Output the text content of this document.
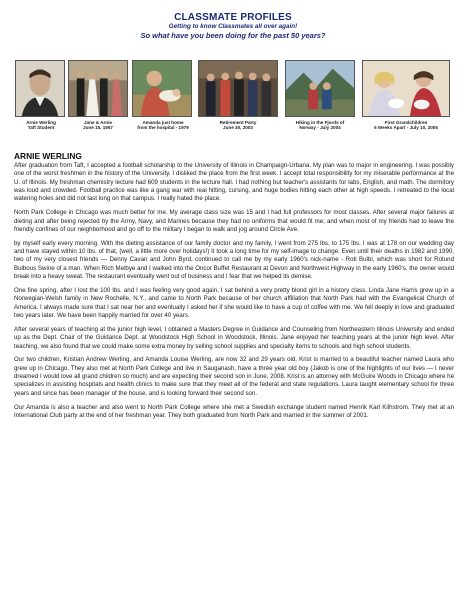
CLASSMATE PROFILES
Getting to know Classmates all over again!
So what have you been doing for the past 50 years?
Arnie Werling
Taft Student
Jane & Arnie
June 15, 1957
Amanda just home
from the hospital - 1979
Retirement Party
June 30, 2003
Hiking in the Fjords of
Norway - July 2004
First Grandchildren
6 Weeks Apart - July 10, 2005
ARNIE WERLING

After graduation from Taft, I accepted a football scholarship to the University of Illinois in Champaign-Urbana. My plan was to major in engineering. I was possibly one of the worst freshmen in the history of the University. I disliked the place from the first week. I accept total responsibility for my miserable performance at the U. of Illinois. My freshman chemistry lecture had 609 students in the lecture hall. I had nothing but teacher's assistants for labs, English, and math. The dormitory was loud and crowded. Football practice was like a gang war with real hitting, cursing, and huge bodies hitting each other at high speeds. I retreated to the local watering holes and did not last long on that campus. I really hated the place.

North Park College in Chicago was much better for me. My average class size was 15 and I had full professors for most classes. After several major failures at dieting and after being rejected by the Army, Navy, and Marines because they had no uniforms that would fit me; and when most of my friends had to leave the friendly confines of our neighborhood and go off to the military I began to walk and jog around Circle Ave.

by myself early every morning. With the dieting assistance of our family doctor and my family, I went from 275 lbs. to 175 lbs. I was at 178 on our wedding day and have stayed within 10 lbs. of that, (well, a little more over holidays!) It took a long time for my self-image to change. Even until their deaths in 1982 and 1990, two of my very closest friends — Denny Cavan and John Byrd, continued to call me by my early 1960's nick-name - Roti Bulbi, which was short for Rotund Bulbous Swine of a man. When Rich Melbye and I walked into the Oncor Buffet Restaurant at Devon and Northwest Highway in the early 1960's, the owner would break into a heavy sweat. The restaurant eventually went out of business and I fear that we helped its demise.

One fine spring, after I lost the 100 lbs. and I was feeling very good again, I sat behind a very pretty blond girl in a history class. Linda Jane Harris grew up in a Norwegian-Welsh family in New Rochelle, N.Y., and came to North Park because of her church affiliation that North Park had with the Evangelical Church of America. I always made sure that I sat near her and eventually I asked her if she would like to have a cup of coffee with me. We fell deeply in love and graduated two years later. We have been happily married for over 40 years.

After several years of teaching at the junior high level, I obtained a Masters Degree in Guidance and Counseling from Northeastern Illinois University and ended up as the Dept. Chair of the Guidance Dept. at Woodstock High School in Woodstock, Illinois. Jane enjoyed her teaching years at the junior high level. After teaching, we also found that we could make some extra money by selling school supplies and specialty items to schools and high school students.

Our two children, Kristian Andrew Werling, and Amanda Louise Werling, are now 32 and 29 years old. Krist is married to a beautiful teacher named Laura who grew up in Chicago. They also met at North Park College and live in Sauganash, have a three year old boy (Jakob is one of the highlights of our lives — I never dreamed I would love all grand children so much) and are expecting their second son in June, 2008. Krist is an attorney with McGuire Woods in Chicago where he specializes in assisting hospitals and health clinics to make sure that they meet all of the federal and state regulations. Laura taught elementary school for three years and since has been manager of the house, and is looking forward their second son.

Our Amanda is also a teacher and also went to North Park College where she met a Swedish exchange student named Henrik Karl Kilhstrom. They met at an International Club party at the end of her freshman year. They both graduated from North Park and married in the summer of 2001.
